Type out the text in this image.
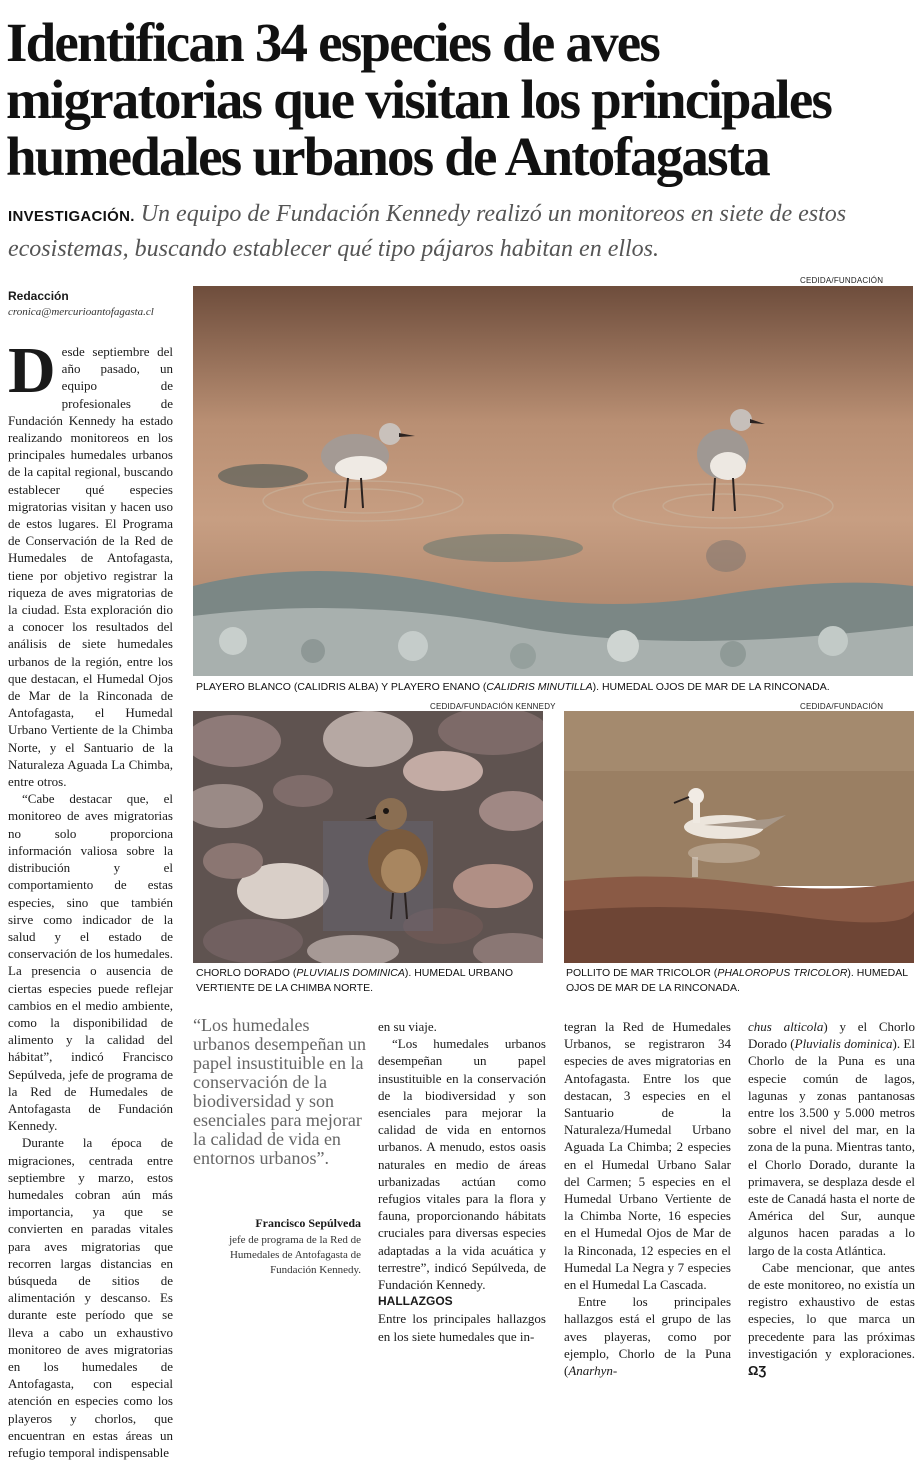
Identifican 34 especies de aves migratorias que visitan los principales humedales urbanos de Antofagasta
INVESTIGACIÓN. Un equipo de Fundación Kennedy realizó un monitoreos en siete de estos ecosistemas, buscando establecer qué tipo pájaros habitan en ellos.
Redacción
cronica@mercurioantofagasta.cl
CEDIDA/FUNDACIÓN
PLAYERO BLANCO (CALIDRIS ALBA) Y PLAYERO ENANO (CALIDRIS MINUTILLA). HUMEDAL OJOS DE MAR DE LA RINCONADA.
CEDIDA/FUNDACIÓN KENNEDY
CHORLO DORADO (PLUVIALIS DOMINICA). HUMEDAL URBANO VERTIENTE DE LA CHIMBA NORTE.
CEDIDA/FUNDACIÓN
POLLITO DE MAR TRICOLOR (PHALOROPUS TRICOLOR). HUMEDAL OJOS DE MAR DE LA RINCONADA.

Desde septiembre del año pasado, un equipo de profesionales de Fundación Kennedy ha estado realizando monitoreos en los principales humedales urbanos de la capital regional, buscando establecer qué especies migratorias visitan y hacen uso de estos lugares. El Programa de Conservación de la Red de Humedales de Antofagasta, tiene por objetivo registrar la riqueza de aves migratorias de la ciudad. Esta exploración dio a conocer los resultados del análisis de siete humedales urbanos de la región, entre los que destacan, el Humedal Ojos de Mar de la Rinconada de Antofagasta, el Humedal Urbano Vertiente de la Chimba Norte, y el Santuario de la Naturaleza Aguada La Chimba, entre otros.

“Cabe destacar que, el monitoreo de aves migratorias no solo proporciona información valiosa sobre la distribución y el comportamiento de estas especies, sino que también sirve como indicador de la salud y el estado de conservación de los humedales. La presencia o ausencia de ciertas especies puede reflejar cambios en el medio ambiente, como la disponibilidad de alimento y la calidad del hábitat”, indicó Francisco Sepúlveda, jefe de programa de la Red de Humedales de Antofagasta de Fundación Kennedy.

Durante la época de migraciones, centrada entre septiembre y marzo, estos humedales cobran aún más importancia, ya que se convierten en paradas vitales para aves migratorias que recorren largas distancias en búsqueda de sitios de alimentación y descanso. Es durante este período que se lleva a cabo un exhaustivo monitoreo de aves migratorias en los humedales de Antofagasta, con especial atención en especies como los playeros y chorlos, que encuentran en estas áreas un refugio temporal indispensable

“Los humedales urbanos desempeñan un papel insustituible en la conservación de la biodiversidad y son esenciales para mejorar la calidad de vida en entornos urbanos”.
Francisco Sepúlveda
jefe de programa de la Red de Humedales de Antofagasta de Fundación Kennedy.

en su viaje.

“Los humedales urbanos desempeñan un papel insustituible en la conservación de la biodiversidad y son esenciales para mejorar la calidad de vida en entornos urbanos. A menudo, estos oasis naturales en medio de áreas urbanizadas actúan como refugios vitales para la flora y fauna, proporcionando hábitats cruciales para diversas especies adaptadas a la vida acuática y terrestre”, indicó Sepúlveda, de Fundación Kennedy.

HALLAZGOS

Entre los principales hallazgos en los siete humedales que in-

tegran la Red de Humedales Urbanos, se registraron 34 especies de aves migratorias en Antofagasta. Entre los que destacan, 3 especies en el Santuario de la Naturaleza/Humedal Urbano Aguada La Chimba; 2 especies en el Humedal Urbano Salar del Carmen; 5 especies en el Humedal Urbano Vertiente de la Chimba Norte, 16 especies en el Humedal Ojos de Mar de la Rinconada, 12 especies en el Humedal La Negra y 7 especies en el Humedal La Cascada.

Entre los principales hallazgos está el grupo de las aves playeras, como por ejemplo, Chorlo de la Puna (Anarhyn-

chus alticola) y el Chorlo Dorado (Pluvialis dominica). El Chorlo de la Puna es una especie común de lagos, lagunas y zonas pantanosas entre los 3.500 y 5.000 metros sobre el nivel del mar, en la zona de la puna. Mientras tanto, el Chorlo Dorado, durante la primavera, se desplaza desde el este de Canadá hasta el norte de América del Sur, aunque algunos hacen paradas a lo largo de la costa Atlántica.

Cabe mencionar, que antes de este monitoreo, no existía un registro exhaustivo de estas especies, lo que marca un precedente para las próximas investigación y exploraciones. ΩƷ
